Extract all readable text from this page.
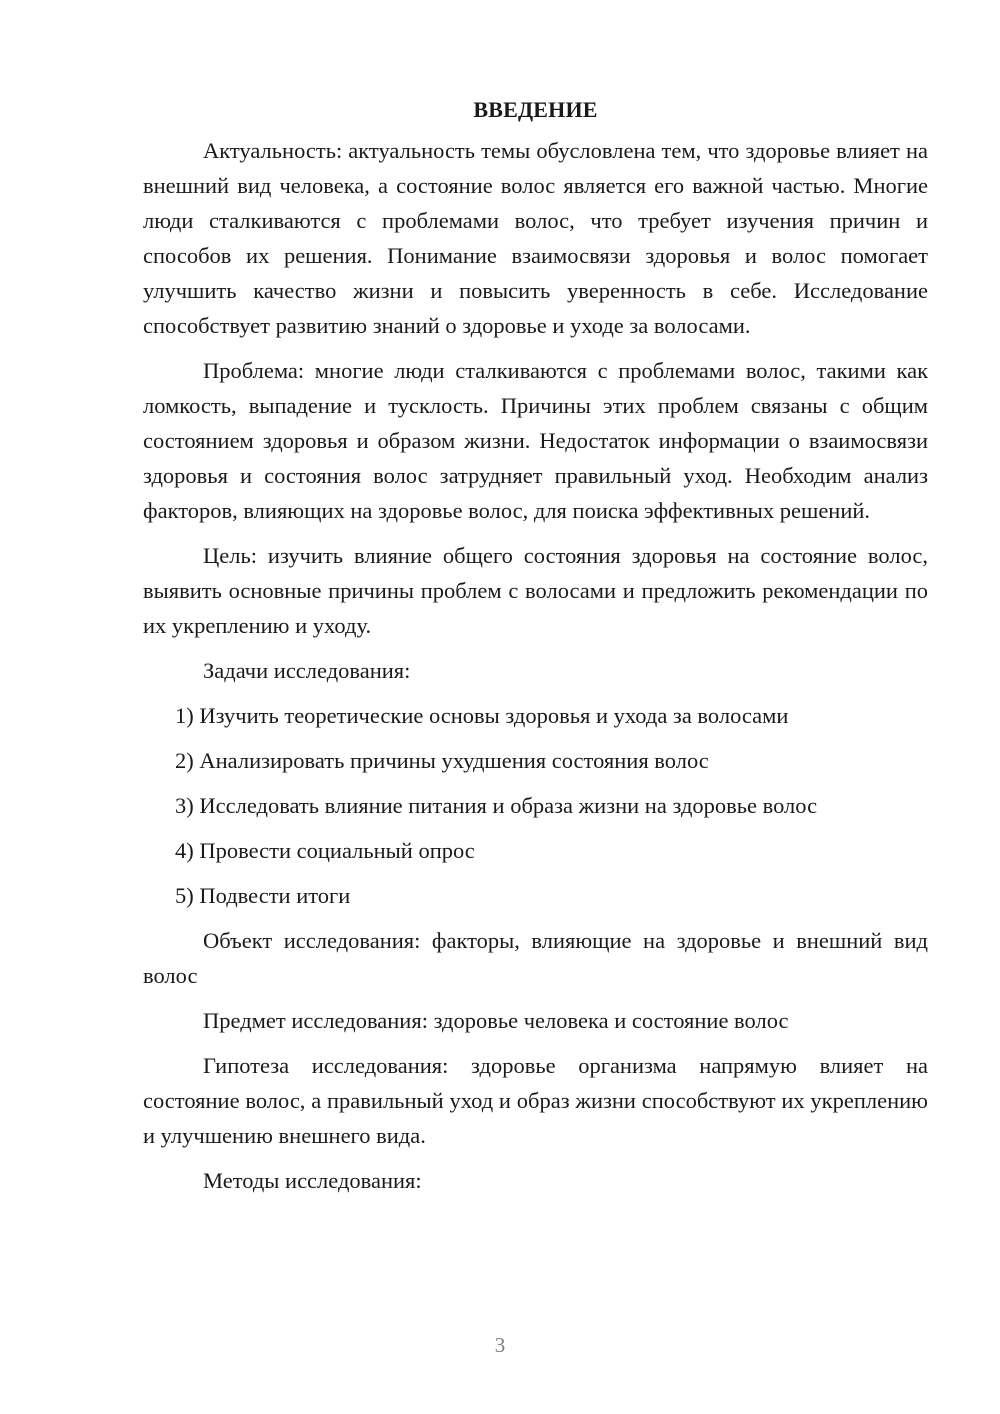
ВВЕДЕНИЕ

Актуальность: актуальность темы обусловлена тем, что здоровье влияет на внешний вид человека, а состояние волос является его важной частью. Многие люди сталкиваются с проблемами волос, что требует изучения причин и способов их решения. Понимание взаимосвязи здоровья и волос помогает улучшить качество жизни и повысить уверенность в себе. Исследование способствует развитию знаний о здоровье и уходе за волосами.

Проблема: многие люди сталкиваются с проблемами волос, такими как ломкость, выпадение и тусклость. Причины этих проблем связаны с общим состоянием здоровья и образом жизни. Недостаток информации о взаимосвязи здоровья и состояния волос затрудняет правильный уход. Необходим анализ факторов, влияющих на здоровье волос, для поиска эффективных решений.

Цель: изучить влияние общего состояния здоровья на состояние волос, выявить основные причины проблем с волосами и предложить рекомендации по их укреплению и уходу.

Задачи исследования:

1) Изучить теоретические основы здоровья и ухода за волосами
2) Анализировать причины ухудшения состояния волос
3) Исследовать влияние питания и образа жизни на здоровье волос
4) Провести социальный опрос
5) Подвести итоги

Объект исследования: факторы, влияющие на здоровье и внешний вид волос

Предмет исследования: здоровье человека и состояние волос

Гипотеза исследования: здоровье организма напрямую влияет на состояние волос, а правильный уход и образ жизни способствуют их укреплению и улучшению внешнего вида.

Методы исследования:

3
